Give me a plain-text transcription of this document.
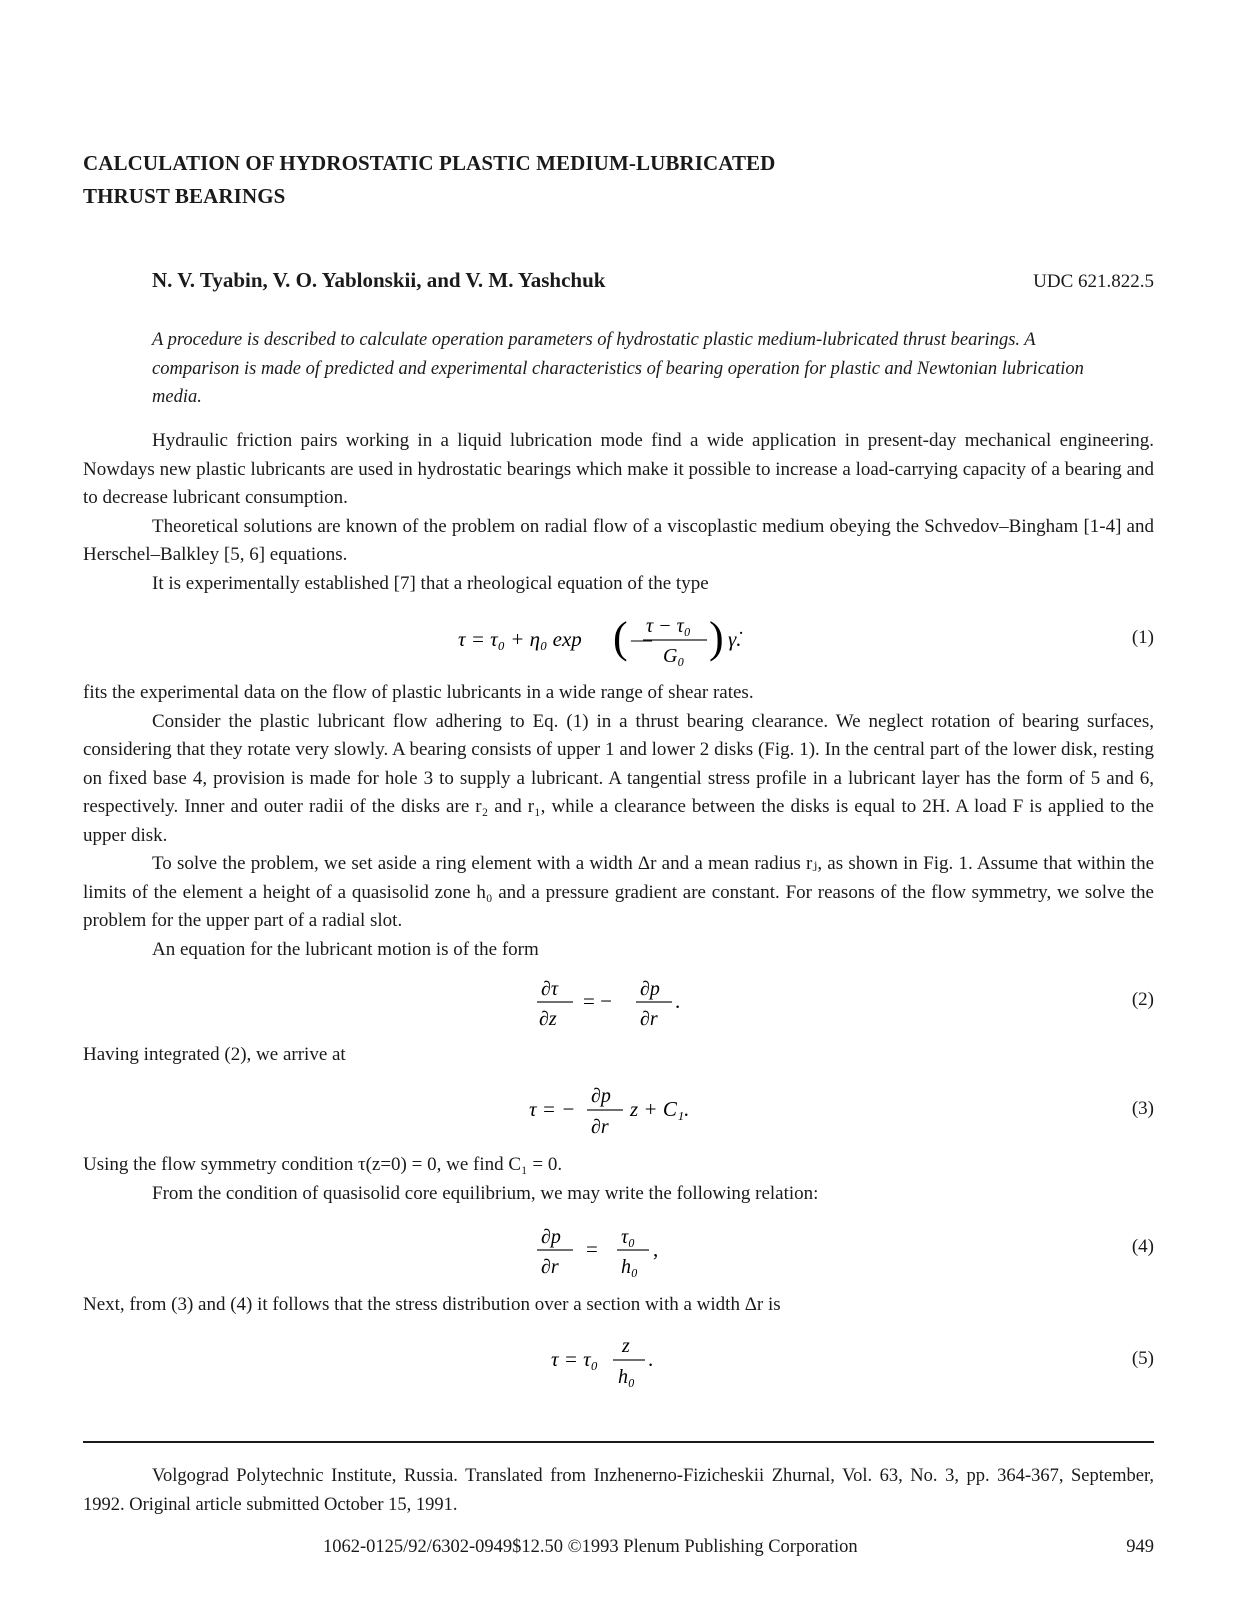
CALCULATION OF HYDROSTATIC PLASTIC MEDIUM-LUBRICATED
THRUST BEARINGS
N. V. Tyabin, V. O. Yablonskii, and V. M. Yashchuk	UDC 621.822.5
A procedure is described to calculate operation parameters of hydrostatic plastic medium-lubricated thrust bearings. A comparison is made of predicted and experimental characteristics of bearing operation for plastic and Newtonian lubrication media.

Hydraulic friction pairs working in a liquid lubrication mode find a wide application in present-day mechanical engineering. Nowdays new plastic lubricants are used in hydrostatic bearings which make it possible to increase a load-carrying capacity of a bearing and to decrease lubricant consumption.

Theoretical solutions are known of the problem on radial flow of a viscoplastic medium obeying the Schvedov–Bingham [1-4] and Herschel–Balkley [5, 6] equations.

It is experimentally established [7] that a rheological equation of the type

τ = τ₀ + η₀ exp ( —
τ − τ₀
G₀ ) γ̇.	(1)

fits the experimental data on the flow of plastic lubricants in a wide range of shear rates.

Consider the plastic lubricant flow adhering to Eq. (1) in a thrust bearing clearance. We neglect rotation of bearing surfaces, considering that they rotate very slowly. A bearing consists of upper 1 and lower 2 disks (Fig. 1). In the central part of the lower disk, resting on fixed base 4, provision is made for hole 3 to supply a lubricant. A tangential stress profile in a lubricant layer has the form of 5 and 6, respectively. Inner and outer radii of the disks are r₂ and r₁, while a clearance between the disks is equal to 2H. A load F is applied to the upper disk.

To solve the problem, we set aside a ring element with a width Δr and a mean radius rⱼ, as shown in Fig. 1. Assume that within the limits of the element a height of a quasisolid zone h₀ and a pressure gradient are constant. For reasons of the flow symmetry, we solve the problem for the upper part of a radial slot.

An equation for the lubricant motion is of the form

∂τ
∂z
= − ∂p
∂r
.	(2)

Having integrated (2), we arrive at

τ = −
∂p
∂r
z + C₁.	(3)

Using the flow symmetry condition τ(z=0) = 0, we find C₁ = 0.

From the condition of quasisolid core equilibrium, we may write the following relation:

∂p
∂r
= τ₀
h₀
,	(4)

Next, from (3) and (4) it follows that the stress distribution over a section with a width Δr is

τ = τ₀
z
h₀
.	(5)

Volgograd Polytechnic Institute, Russia. Translated from Inzhenerno-Fizicheskii Zhurnal, Vol. 63, No. 3, pp. 364-367, September, 1992. Original article submitted October 15, 1991.

1062-0125/92/6302-0949$12.50 ©1993 Plenum Publishing Corporation	949
